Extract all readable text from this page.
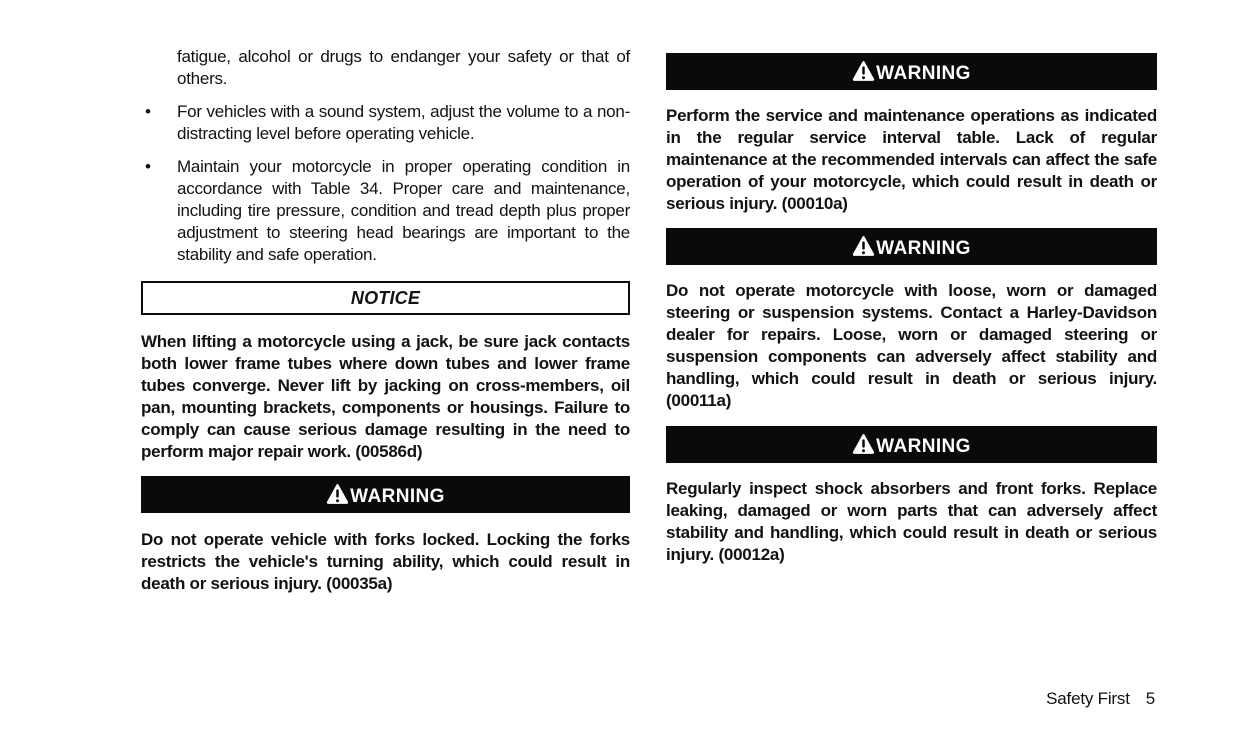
fatigue, alcohol or drugs to endanger your safety or that of others.

• For vehicles with a sound system, adjust the volume to a non-distracting level before operating vehicle.

• Maintain your motorcycle in proper operating condition in accordance with Table 34. Proper care and maintenance, including tire pressure, condition and tread depth plus proper adjustment to steering head bearings are important to the stability and safe operation.

NOTICE

When lifting a motorcycle using a jack, be sure jack contacts both lower frame tubes where down tubes and lower frame tubes converge. Never lift by jacking on cross-members, oil pan, mounting brackets, components or housings. Failure to comply can cause serious damage resulting in the need to perform major repair work. (00586d)

WARNING

Do not operate vehicle with forks locked. Locking the forks restricts the vehicle's turning ability, which could result in death or serious injury. (00035a)

WARNING

Perform the service and maintenance operations as indicated in the regular service interval table. Lack of regular maintenance at the recommended intervals can affect the safe operation of your motorcycle, which could result in death or serious injury. (00010a)

WARNING

Do not operate motorcycle with loose, worn or damaged steering or suspension systems. Contact a Harley-Davidson dealer for repairs. Loose, worn or damaged steering or suspension components can adversely affect stability and handling, which could result in death or serious injury. (00011a)

WARNING

Regularly inspect shock absorbers and front forks. Replace leaking, damaged or worn parts that can adversely affect stability and handling, which could result in death or serious injury. (00012a)

Safety First 5
